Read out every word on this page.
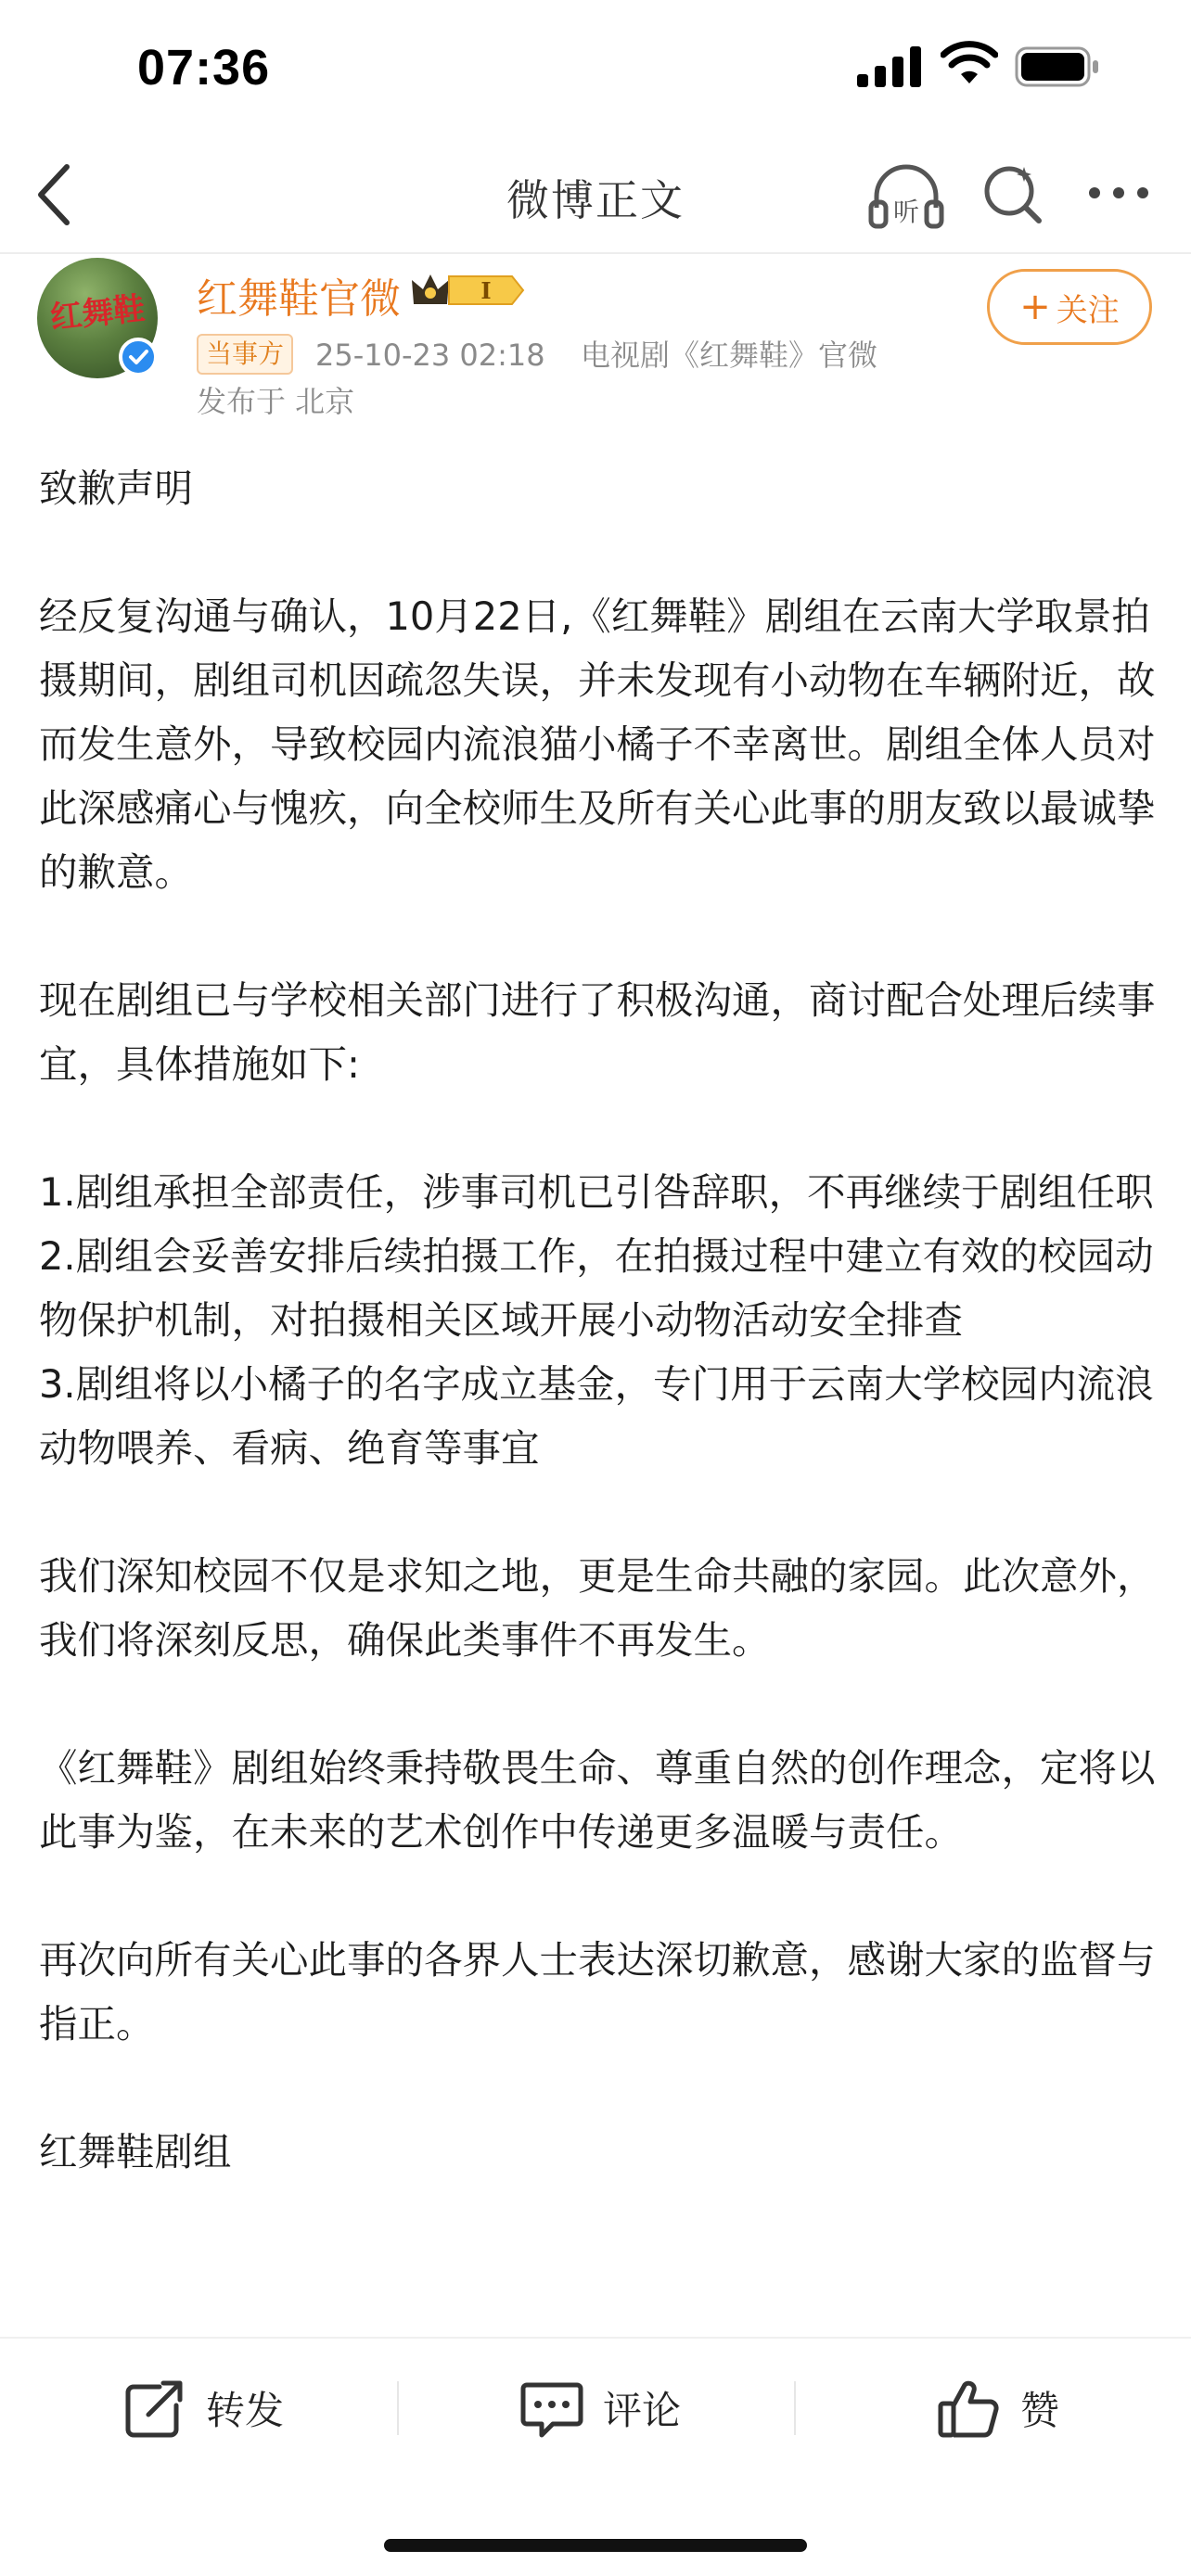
07:36
微博正文	听
红舞鞋	红舞鞋官微	I	+ 关注
当事方	25-10-23 02:18 电视剧《红舞鞋》官微
发布于 北京

致歉声明

经反复沟通与确认，10月22日,《红舞鞋》剧组在云南大学取景拍摄期间，剧组司机因疏忽失误，并未发现有小动物在车辆附近，故而发生意外，导致校园内流浪猫小橘子不幸离世。剧组全体人员对此深感痛心与愧疚，向全校师生及所有关心此事的朋友致以最诚挚的歉意。

现在剧组已与学校相关部门进行了积极沟通，商讨配合处理后续事宜，具体措施如下:

1.剧组承担全部责任，涉事司机已引咎辞职，不再继续于剧组任职

2.剧组会妥善安排后续拍摄工作，在拍摄过程中建立有效的校园动物保护机制，对拍摄相关区域开展小动物活动安全排查

3.剧组将以小橘子的名字成立基金，专门用于云南大学校园内流浪动物喂养、看病、绝育等事宜

我们深知校园不仅是求知之地，更是生命共融的家园。此次意外，我们将深刻反思，确保此类事件不再发生。

《红舞鞋》剧组始终秉持敬畏生命、尊重自然的创作理念，定将以此事为鉴，在未来的艺术创作中传递更多温暖与责任。

再次向所有关心此事的各界人士表达深切歉意，感谢大家的监督与指正。

红舞鞋剧组

转发	评论	赞
